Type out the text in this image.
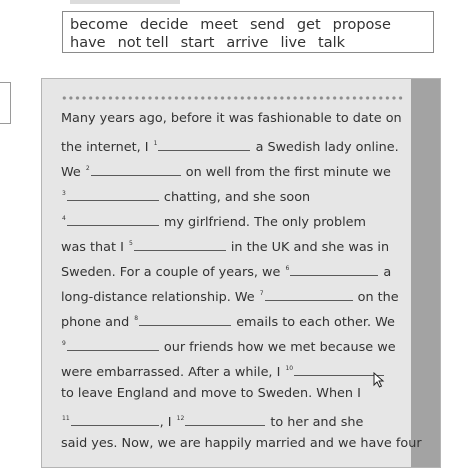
become decide meet send get propose
have not tell start arrive live talk
Many years ago, before it was fashionable to date on
the internet, I $^1$	a Swedish lady online.
We $^2$	on well from the first minute we
$^3$	chatting, and she soon
$^4$	my girlfriend. The only problem
was that I $^5$	in the UK and she was in
Sweden. For a couple of years, we $^6$	a
long-distance relationship. We $^7$	on the
phone and $^8$	emails to each other. We
$^9$	our friends how we met because we
were embarrassed. After a while, I $^{10}$
to leave England and move to Sweden. When I
$^{11}$	, I $^{12}$	to her and she
said yes. Now, we are happily married and we have four
